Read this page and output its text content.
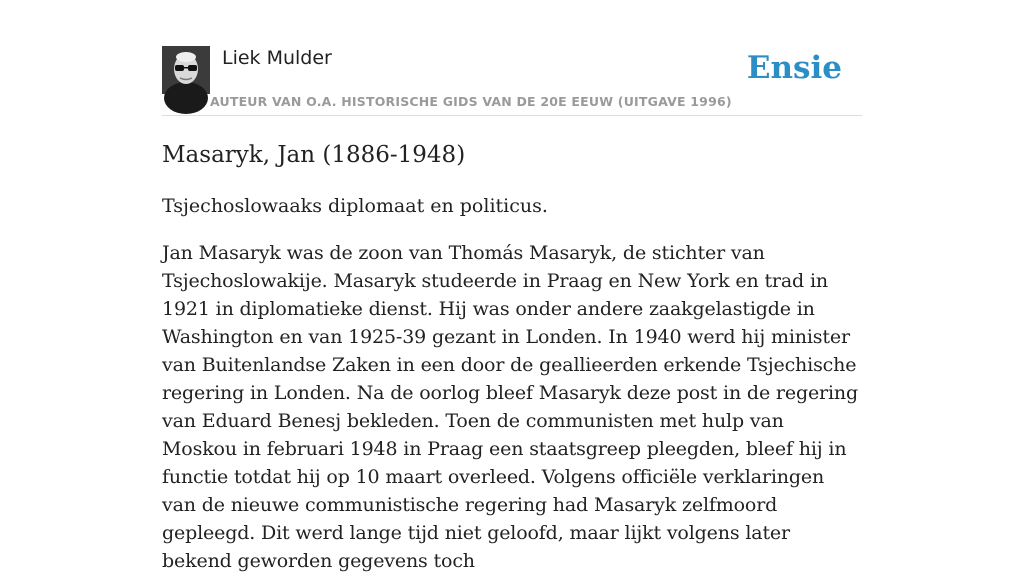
Liek Mulder
AUTEUR VAN O.A. HISTORISCHE GIDS VAN DE 20E EEUW (UITGAVE 1996)
Ensie
Masaryk, Jan (1886-1948)

Tsjechoslowaaks diplomaat en politicus.

Jan Masaryk was de zoon van Thomás Masaryk, de stichter van Tsjechoslowakije. Masaryk studeerde in Praag en New York en trad in 1921 in diplomatieke dienst. Hij was onder andere zaakgelastigde in Washington en van 1925-39 gezant in Londen. In 1940 werd hij minister van Buitenlandse Zaken in een door de geallieerden erkende Tsjechische regering in Londen. Na de oorlog bleef Masaryk deze post in de regering van Eduard Benesj bekleden. Toen de communisten met hulp van Moskou in februari 1948 in Praag een staatsgreep pleegden, bleef hij in functie totdat hij op 10 maart overleed. Volgens officiële verklaringen van de nieuwe communistische regering had Masaryk zelfmoord gepleegd. Dit werd lange tijd niet geloofd, maar lijkt volgens later bekend geworden gegevens toch
